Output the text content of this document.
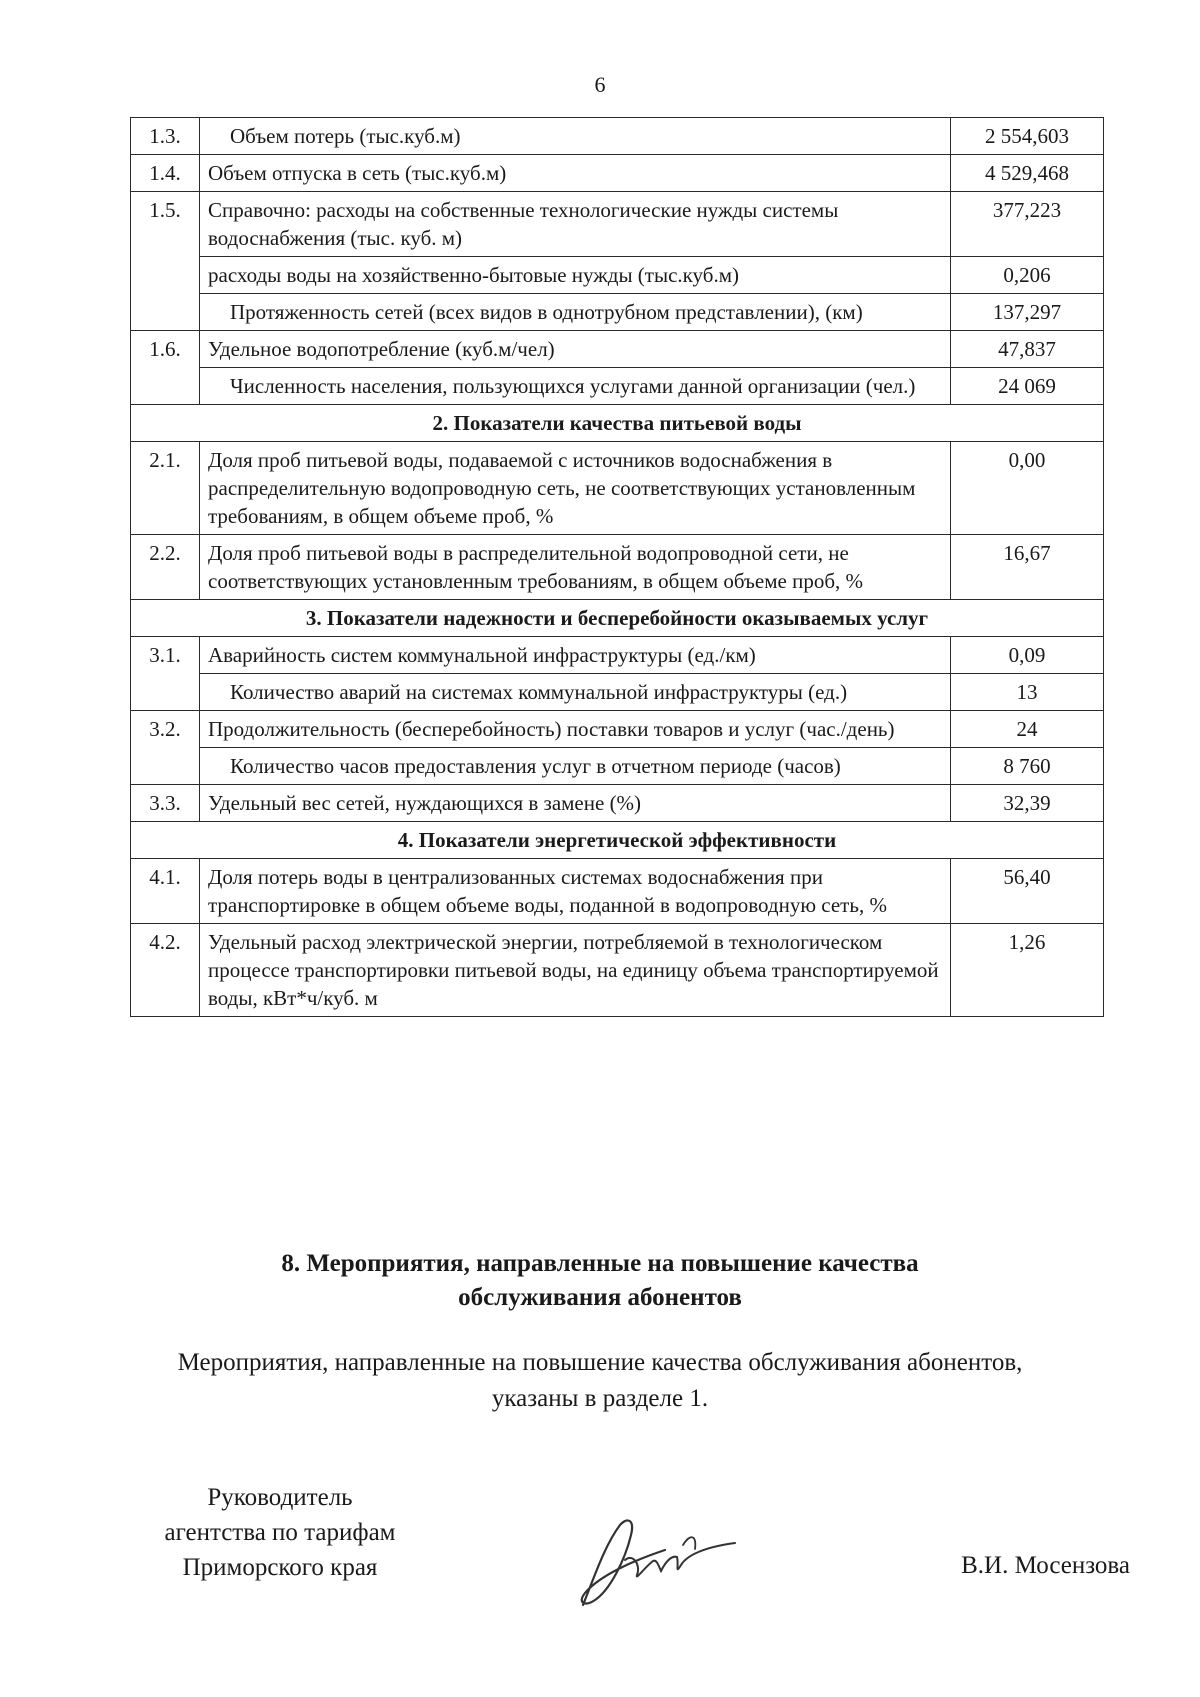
6
1.3.	Объем потерь (тыс.куб.м)	2 554,603
1.4.	Объем отпуска в сеть (тыс.куб.м)	4 529,468
1.5.	Справочно: расходы на собственные технологические нужды системы водоснабжения (тыс. куб. м)	377,223
	расходы воды на хозяйственно-бытовые нужды (тыс.куб.м)	0,206
	Протяженность сетей (всех видов в однотрубном представлении), (км)	137,297
1.6.	Удельное водопотребление (куб.м/чел)	47,837
	Численность населения, пользующихся услугами данной организации (чел.)	24 069
2. Показатели качества питьевой воды		
2.1.	Доля проб питьевой воды, подаваемой с источников водоснабжения в распределительную водопроводную сеть, не соответствующих установленным требованиям, в общем объеме проб, %	0,00
2.2.	Доля проб питьевой воды в распределительной водопроводной сети, не соответствующих установленным требованиям, в общем объеме проб, %	16,67
3. Показатели надежности и бесперебойности оказываемых услуг		
3.1.	Аварийность систем коммунальной инфраструктуры (ед./км)	0,09
	Количество аварий на системах коммунальной инфраструктуры (ед.)	13
3.2.	Продолжительность (бесперебойность) поставки товаров и услуг (час./день)	24
	Количество часов предоставления услуг в отчетном периоде (часов)	8 760
3.3.	Удельный вес сетей, нуждающихся в замене (%)	32,39
4. Показатели энергетической эффективности		
4.1.	Доля потерь воды в централизованных системах водоснабжения при транспортировке в общем объеме воды, поданной в водопроводную сеть, %	56,40
4.2.	Удельный расход электрической энергии, потребляемой в технологическом процессе транспортировки питьевой воды, на единицу объема транспортируемой воды, кВт*ч/куб. м	1,26
8. Мероприятия, направленные на повышение качества
обслуживания абонентов
Мероприятия, направленные на повышение качества обслуживания абонентов,
указаны в разделе 1.
Руководитель
агентства по тарифам
Приморского края	В.И. Мосензова
